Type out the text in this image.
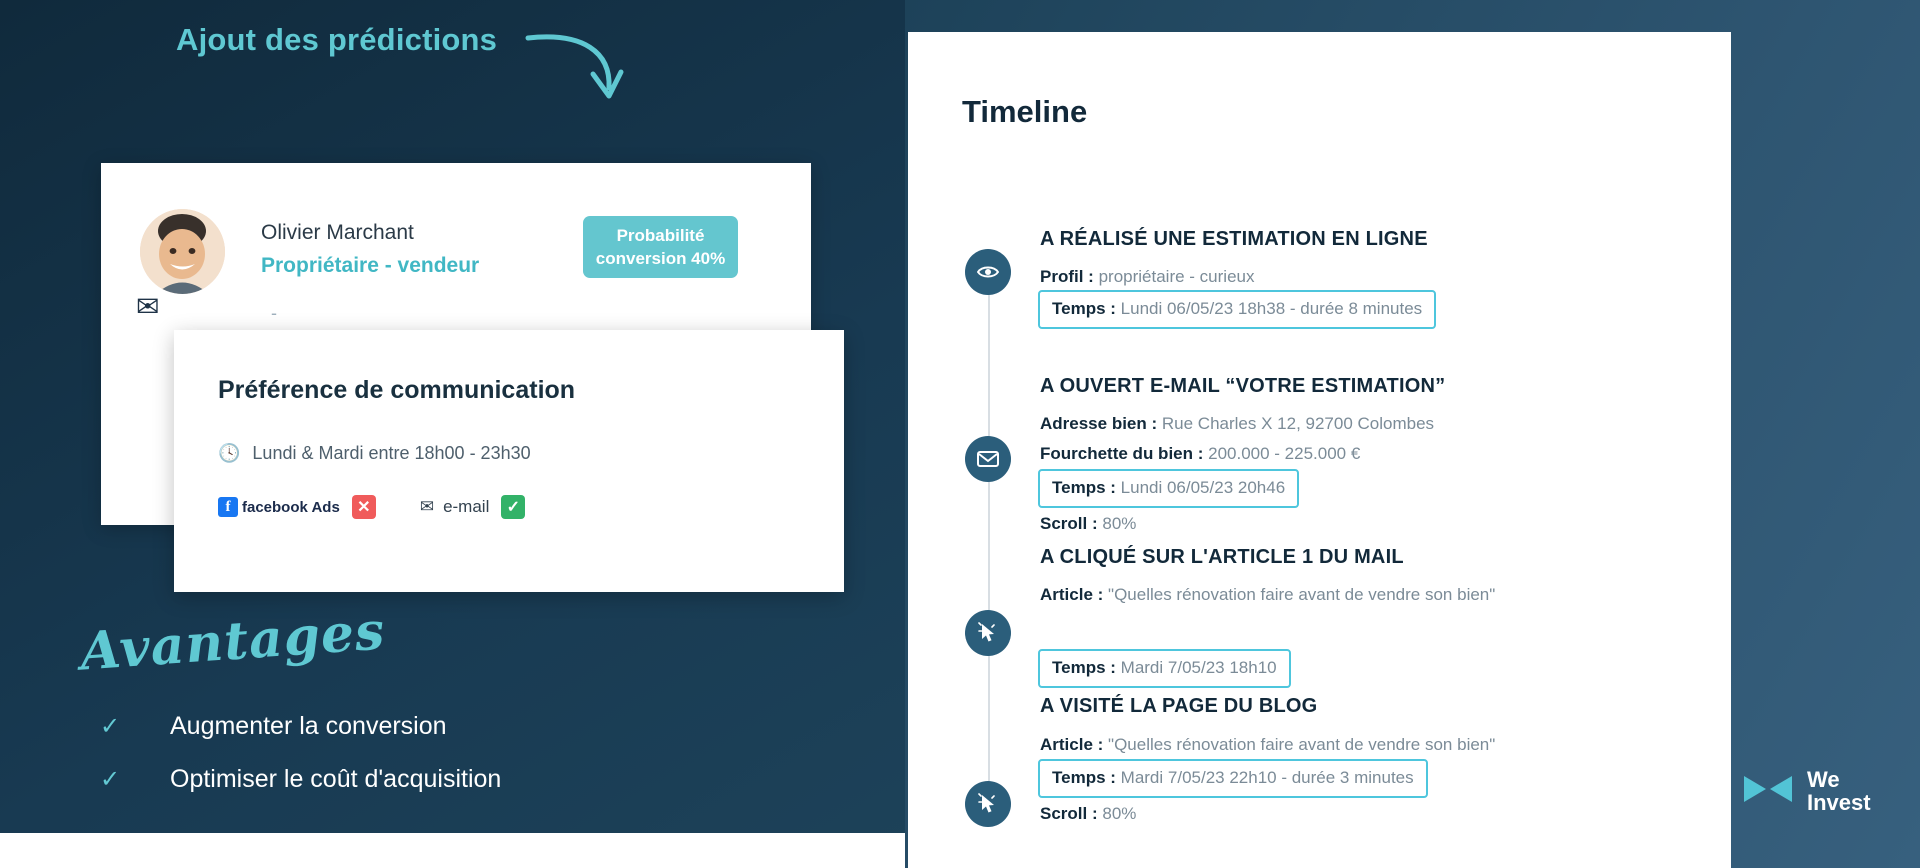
Ajout des prédictions
Olivier Marchant
Propriétaire - vendeur
Probabilité
conversion 40%
✉	-
Préférence de communication
🕓 Lundi & Mardi entre 18h00 - 23h30
f facebook Ads	✕	✉ e-mail	✓
Avantages
✓	Augmenter la conversion
✓	Optimiser le coût d'acquisition
Timeline
A RÉALISÉ UNE ESTIMATION EN LIGNE
Profil : propriétaire - curieux
Temps : Lundi 06/05/23 18h38 - durée 8 minutes
A OUVERT E-MAIL “VOTRE ESTIMATION”
Adresse bien : Rue Charles X 12, 92700 Colombes
Fourchette du bien : 200.000 - 225.000 €
Scroll : 80%
Temps : Lundi 06/05/23 20h46
A CLIQUÉ SUR L'ARTICLE 1 DU MAIL
Article : "Quelles rénovation faire avant de vendre son bien"
Temps : Mardi 7/05/23 18h10
A VISITÉ LA PAGE DU BLOG
Article : "Quelles rénovation faire avant de vendre son bien"
Scroll : 80%
Temps : Mardi 7/05/23 22h10 - durée 3 minutes	We
Invest
